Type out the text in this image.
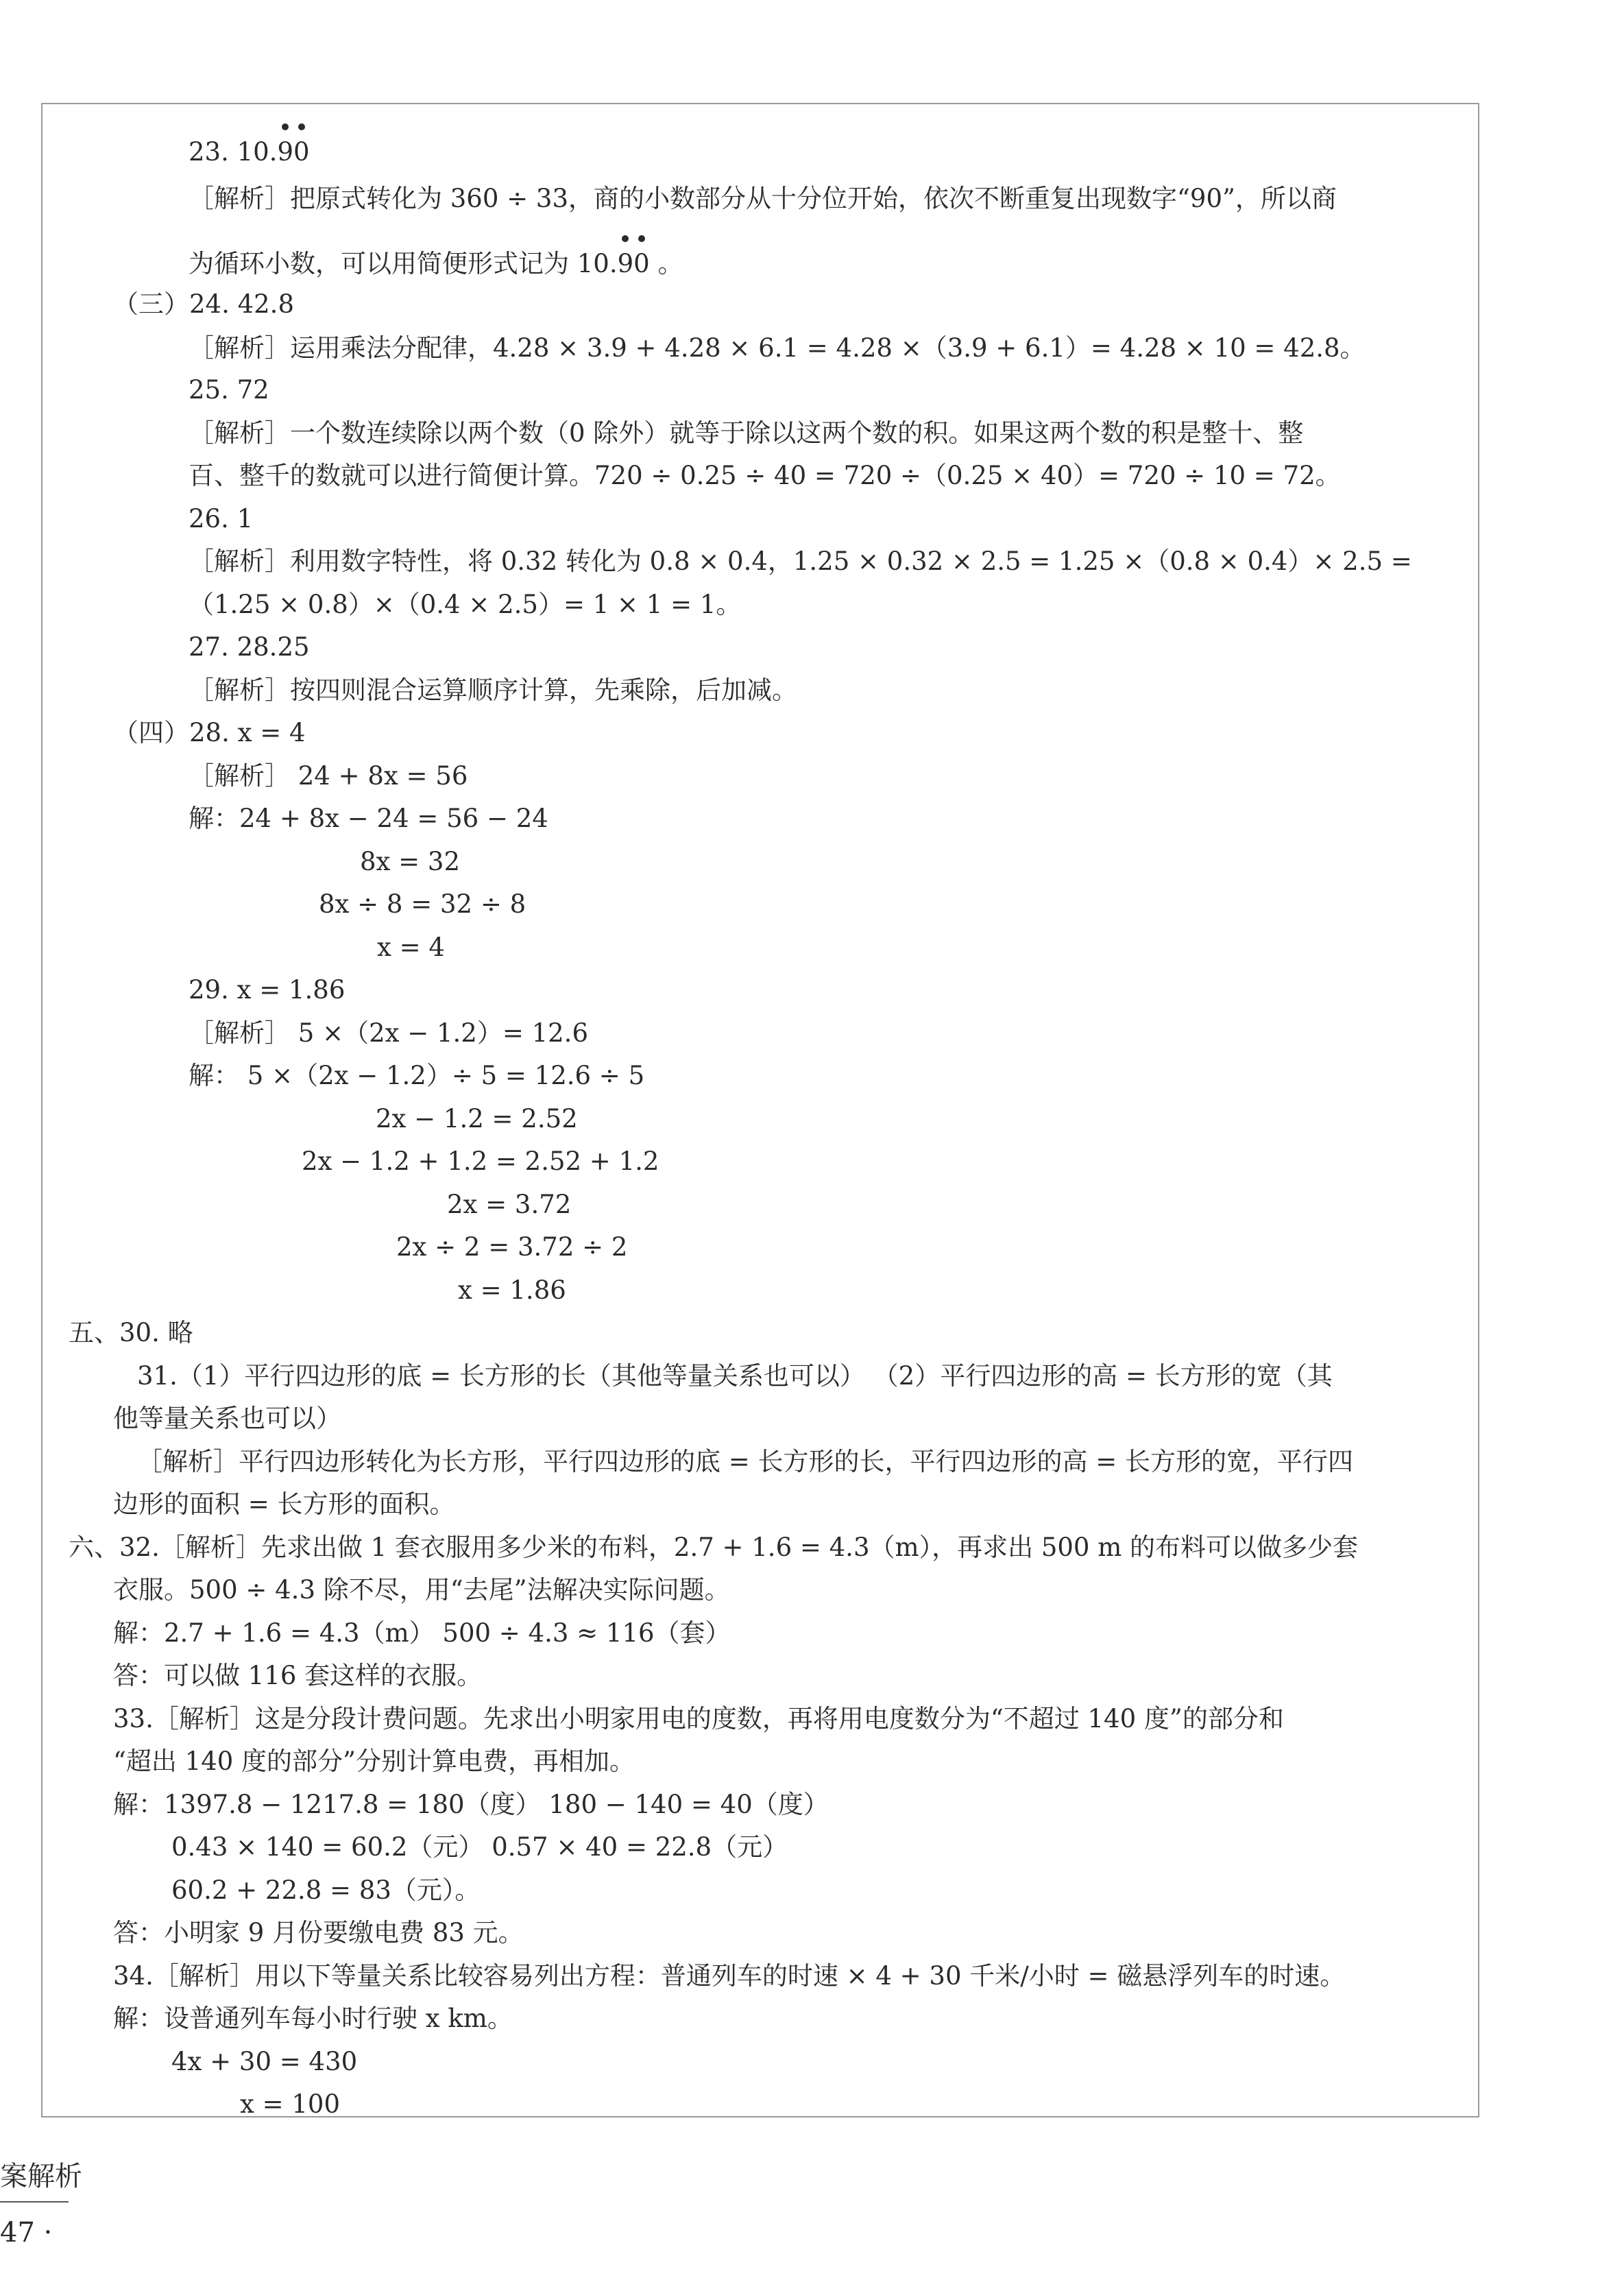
23. 10.90
［解析］把原式转化为 360 ÷ 33，商的小数部分从十分位开始，依次不断重复出现数字“90”，所以商
为循环小数，可以用简便形式记为 10.90 。
（三）24. 42.8
［解析］运用乘法分配律，4.28 × 3.9 + 4.28 × 6.1 = 4.28 ×（3.9 + 6.1）= 4.28 × 10 = 42.8。
25. 72
［解析］一个数连续除以两个数（0 除外）就等于除以这两个数的积。如果这两个数的积是整十、整
百、整千的数就可以进行简便计算。720 ÷ 0.25 ÷ 40 = 720 ÷（0.25 × 40）= 720 ÷ 10 = 72。
26. 1
［解析］利用数字特性，将 0.32 转化为 0.8 × 0.4，1.25 × 0.32 × 2.5 = 1.25 ×（0.8 × 0.4）× 2.5 =
（1.25 × 0.8）×（0.4 × 2.5）= 1 × 1 = 1。
27. 28.25
［解析］按四则混合运算顺序计算，先乘除，后加减。
（四）28. x = 4
［解析］ 24 + 8x = 56
解：24 + 8x − 24 = 56 − 24
8x = 32
8x ÷ 8 = 32 ÷ 8
x = 4
29. x = 1.86
［解析］ 5 ×（2x − 1.2）= 12.6
解： 5 ×（2x − 1.2）÷ 5 = 12.6 ÷ 5
2x − 1.2 = 2.52
2x − 1.2 + 1.2 = 2.52 + 1.2
2x = 3.72
2x ÷ 2 = 3.72 ÷ 2
x = 1.86
五、30. 略
31.（1）平行四边形的底 = 长方形的长（其他等量关系也可以） （2）平行四边形的高 = 长方形的宽（其
他等量关系也可以）
［解析］平行四边形转化为长方形，平行四边形的底 = 长方形的长，平行四边形的高 = 长方形的宽，平行四
边形的面积 = 长方形的面积。
六、32.［解析］先求出做 1 套衣服用多少米的布料，2.7 + 1.6 = 4.3（m），再求出 500 m 的布料可以做多少套
衣服。500 ÷ 4.3 除不尽，用“去尾”法解决实际问题。
解：2.7 + 1.6 = 4.3（m） 500 ÷ 4.3 ≈ 116（套）
答：可以做 116 套这样的衣服。
33.［解析］这是分段计费问题。先求出小明家用电的度数，再将用电度数分为“不超过 140 度”的部分和
“超出 140 度的部分”分别计算电费，再相加。
解：1397.8 − 1217.8 = 180（度） 180 − 140 = 40（度）
0.43 × 140 = 60.2（元） 0.57 × 40 = 22.8（元）
60.2 + 22.8 = 83（元）。
答：小明家 9 月份要缴电费 83 元。
34.［解析］用以下等量关系比较容易列出方程：普通列车的时速 × 4 + 30 千米/小时 = 磁悬浮列车的时速。
解：设普通列车每小时行驶 x km。
4x + 30 = 430
x = 100
案解析
47 ·
